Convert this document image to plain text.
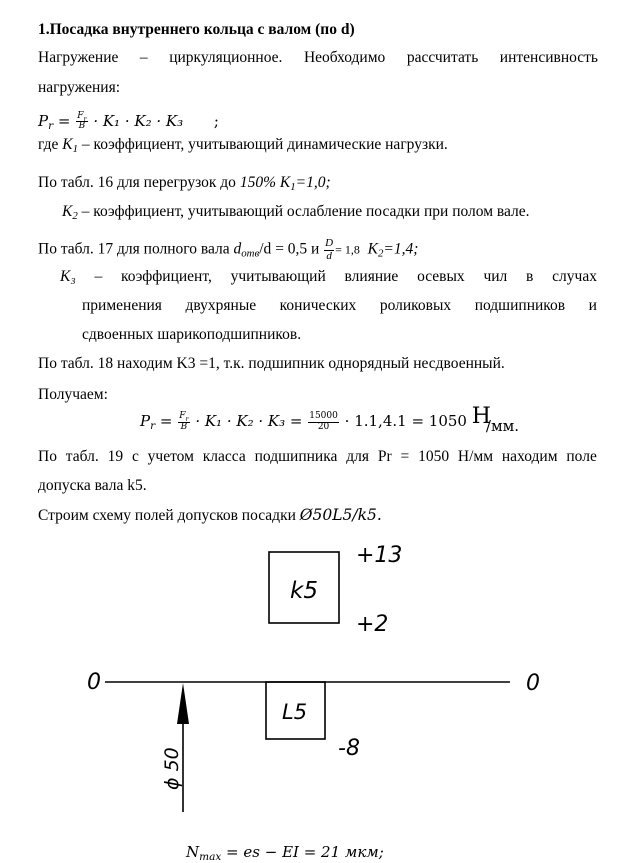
1.Посадка внутреннего кольца с валом (по d)
Нагружение – циркуляционное. Необходимо рассчитать интенсивность
нагружения:
$P_r = \frac{F_r}{B} \cdot K_1 \cdot K_2 \cdot K_3$ ;
где $K_1$ – коэффициент, учитывающий динамические нагрузки.
По табл. 16 для перегрузок до 150% $K_1=1,0$;
$K_2$ – коэффициент, учитывающий ослабление посадки при полом вале.
По табл. 17 для полного вала $d_{отв}/d = 0,5$ и $\frac{D}{d} = 1,8$ $K_2=1,4$;
K₃ – коэффициент, учитывающий влияние осевых чил в случах
применения двухряные конических роликовых подшипников и
сдвоенных шарикоподшипников.
По табл. 18 находим K3 =1, т.к. подшипник однорядный несдвоенный.
Получаем:
$P_r = \frac{F_r}{B} \cdot K_1 \cdot K_2 \cdot K_3 = \frac{15000}{20} \cdot 1.1,4.1 = 1050$ Н/мм.
По табл. 19 с учетом класса подшипника для Pr = 1050 Н/мм находим поле
допуска вала k5.
Строим схему полей допусков посадки Ø50L5/k5.
k5
+13
+2
0	0
L5
-8
ϕ 50
$N_{max}$ = es − EI = 21 мкм;
